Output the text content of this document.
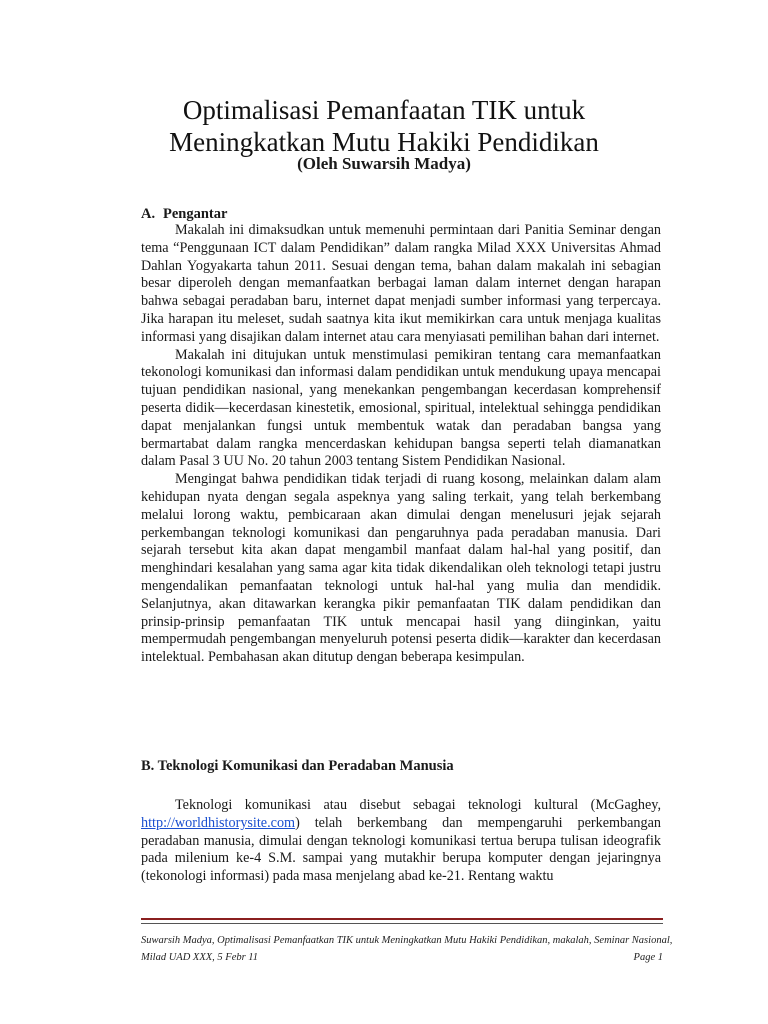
Optimalisasi Pemanfaatan TIK untuk
Meningkatkan Mutu Hakiki Pendidikan

(Oleh Suwarsih Madya)

A. Pengantar

Makalah ini dimaksudkan untuk memenuhi permintaan dari Panitia Seminar dengan tema “Penggunaan ICT dalam Pendidikan” dalam rangka Milad XXX Universitas Ahmad Dahlan Yogyakarta tahun 2011. Sesuai dengan tema, bahan dalam makalah ini sebagian besar diperoleh dengan memanfaatkan berbagai laman dalam internet dengan harapan bahwa sebagai peradaban baru, internet dapat menjadi sumber informasi yang terpercaya. Jika harapan itu meleset, sudah saatnya kita ikut memikirkan cara untuk menjaga kualitas informasi yang disajikan dalam internet atau cara menyiasati pemilihan bahan dari internet.

Makalah ini ditujukan untuk menstimulasi pemikiran tentang cara memanfaatkan tekonologi komunikasi dan informasi dalam pendidikan untuk mendukung upaya mencapai tujuan pendidikan nasional, yang menekankan pengembangan kecerdasan komprehensif peserta didik—kecerdasan kinestetik, emosional, spiritual, intelektual sehingga pendidikan dapat menjalankan fungsi untuk membentuk watak dan peradaban bangsa yang bermartabat dalam rangka mencerdaskan kehidupan bangsa seperti telah diamanatkan dalam Pasal 3 UU No. 20 tahun 2003 tentang Sistem Pendidikan Nasional.

Mengingat bahwa pendidikan tidak terjadi di ruang kosong, melainkan dalam alam kehidupan nyata dengan segala aspeknya yang saling terkait, yang telah berkembang melalui lorong waktu, pembicaraan akan dimulai dengan menelusuri jejak sejarah perkembangan teknologi komunikasi dan pengaruhnya pada peradaban manusia. Dari sejarah tersebut kita akan dapat mengambil manfaat dalam hal-hal yang positif, dan menghindari kesalahan yang sama agar kita tidak dikendalikan oleh teknologi tetapi justru mengendalikan pemanfaatan teknologi untuk hal-hal yang mulia dan mendidik. Selanjutnya, akan ditawarkan kerangka pikir pemanfaatan TIK dalam pendidikan dan prinsip-prinsip pemanfaatan TIK untuk mencapai hasil yang diinginkan, yaitu mempermudah pengembangan menyeluruh potensi peserta didik—karakter dan kecerdasan intelektual. Pembahasan akan ditutup dengan beberapa kesimpulan.

B. Teknologi Komunikasi dan Peradaban Manusia

Teknologi komunikasi atau disebut sebagai teknologi kultural (McGaghey, http://worldhistorysite.com) telah berkembang dan mempengaruhi perkembangan peradaban manusia, dimulai dengan teknologi komunikasi tertua berupa tulisan ideografik pada milenium ke-4 S.M. sampai yang mutakhir berupa komputer dengan jejaringnya (tekonologi informasi) pada masa menjelang abad ke-21. Rentang waktu

Suwarsih Madya, Optimalisasi Pemanfaatkan TIK untuk Meningkatkan Mutu Hakiki Pendidikan, makalah, Seminar Nasional,
Milad UAD XXX, 5 Febr 11	Page 1
